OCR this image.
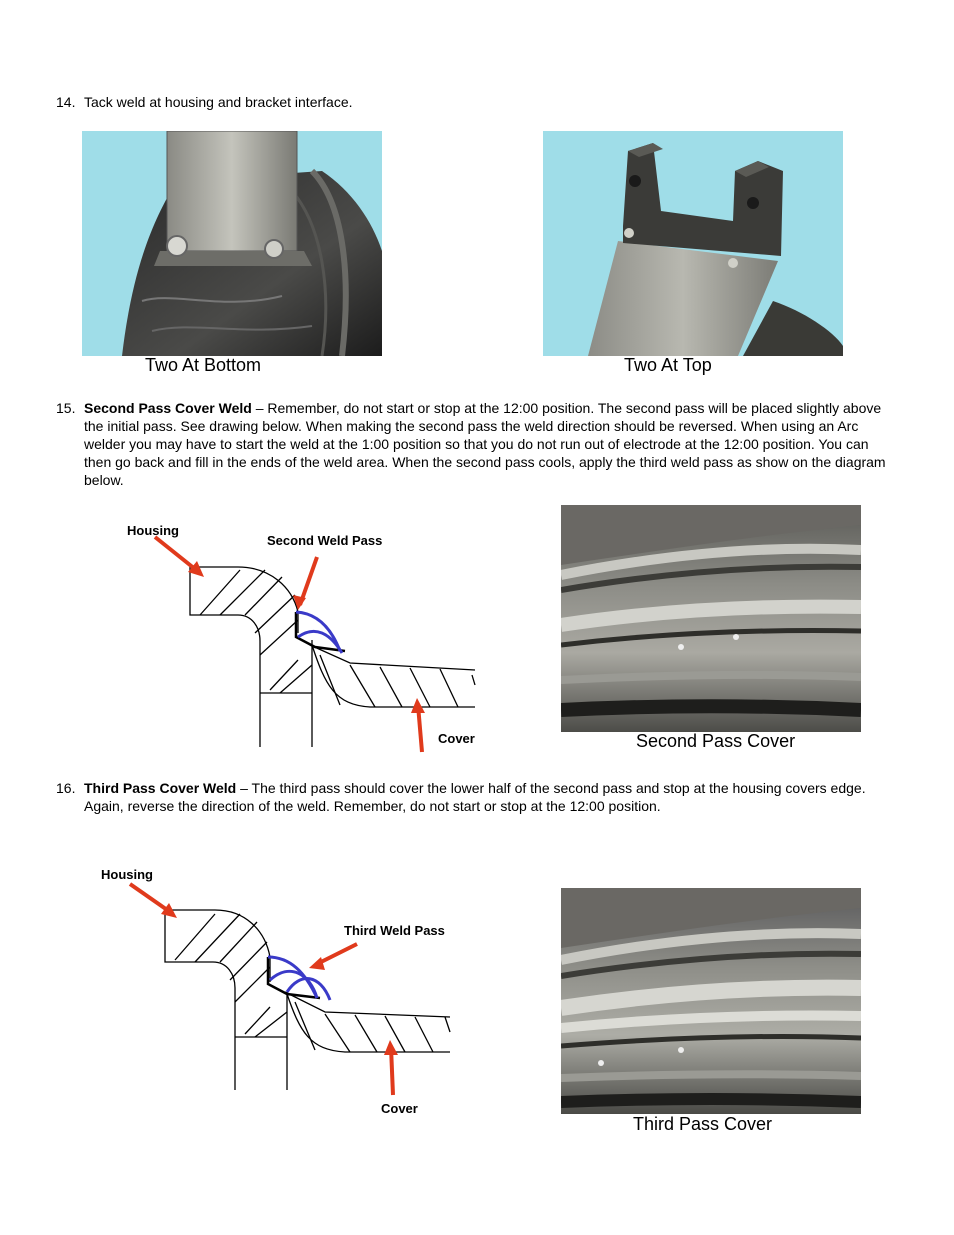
14. Tack weld at housing and bracket interface.
Two At Bottom	Two At Top
15. Second Pass Cover Weld – Remember, do not start or stop at the 12:00 position. The second pass will be placed slightly above the initial pass. See drawing below. When making the second pass the weld direction should be reversed. When using an Arc welder you may have to start the weld at the 1:00 position so that you do not run out of electrode at the 12:00 position. You can then go back and fill in the ends of the weld area. When the second pass cools, apply the third weld pass as show on the diagram below.
Housing
Second Weld Pass
Cover	Second Pass Cover
16. Third Pass Cover Weld – The third pass should cover the lower half of the second pass and stop at the housing covers edge. Again, reverse the direction of the weld. Remember, do not start or stop at the 12:00 position.
Housing
Third Weld Pass
Cover
Third Pass Cover
